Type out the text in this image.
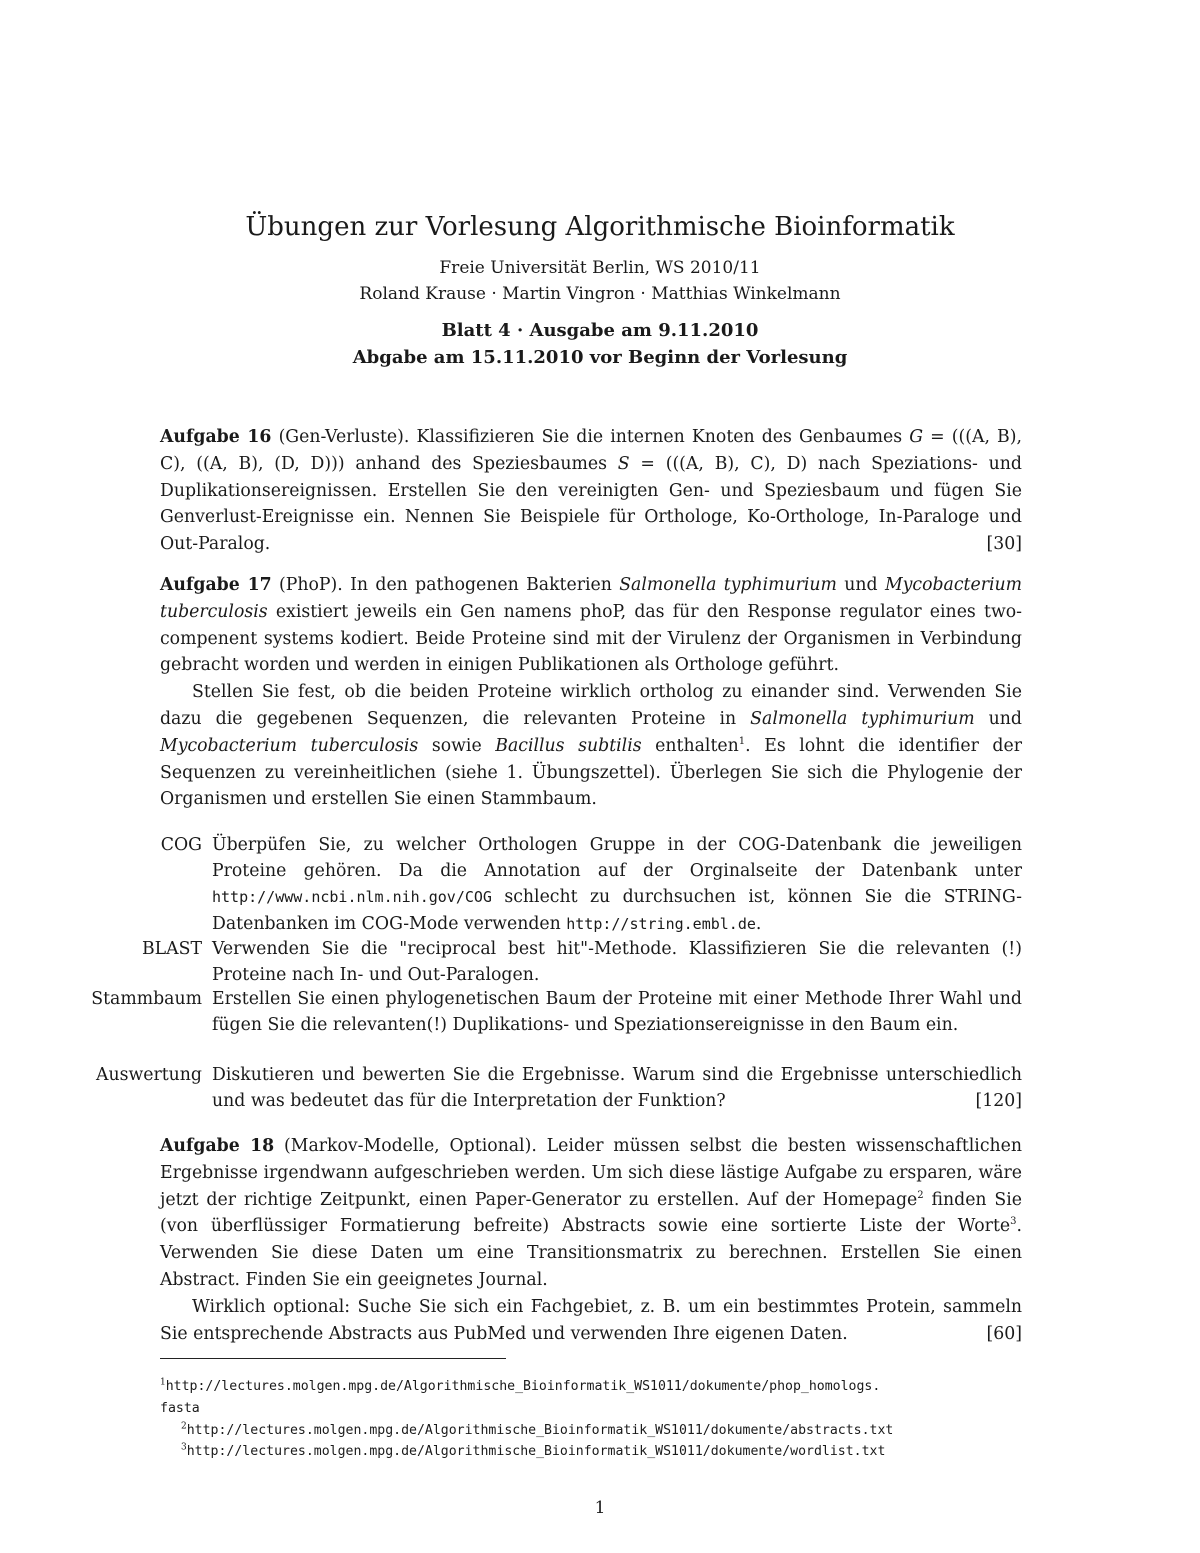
Übungen zur Vorlesung Algorithmische Bioinformatik
Freie Universität Berlin, WS 2010/11
Roland Krause · Martin Vingron · Matthias Winkelmann
Blatt 4 · Ausgabe am 9.11.2010
Abgabe am 15.11.2010 vor Beginn der Vorlesung

Aufgabe 16 (Gen-Verluste). Klassifizieren Sie die internen Knoten des Genbaumes G = (((A, B), C), ((A, B), (D, D))) anhand des Speziesbaumes S = (((A, B), C), D) nach Speziations- und Duplikationsereignissen. Erstellen Sie den vereinigten Gen- und Speziesbaum und fügen Sie Genverlust-Ereignisse ein. Nennen Sie Beispiele für Orthologe, Ko-Orthologe, In-Paraloge und Out-Paralog.	[30]

Aufgabe 17 (PhoP). In den pathogenen Bakterien Salmonella typhimurium und Mycobacterium tuberculosis existiert jeweils ein Gen namens phoP, das für den Response regulator eines two-compenent systems kodiert. Beide Proteine sind mit der Virulenz der Organismen in Verbindung gebracht worden und werden in einigen Publikationen als Orthologe geführt.

Stellen Sie fest, ob die beiden Proteine wirklich ortholog zu einander sind. Verwenden Sie dazu die gegebenen Sequenzen, die relevanten Proteine in Salmonella typhimurium und Mycobacterium tuberculosis sowie Bacillus subtilis enthalten$^1$. Es lohnt die identifier der Sequenzen zu vereinheitlichen (siehe 1. Übungszettel). Überlegen Sie sich die Phylogenie der Organismen und erstellen Sie einen Stammbaum.

COG Überpüfen Sie, zu welcher Orthologen Gruppe in der COG-Datenbank die jeweiligen Proteine gehören. Da die Annotation auf der Orginalseite der Datenbank unter http://www.ncbi.nlm.nih.gov/COG schlecht zu durchsuchen ist, können Sie die STRING-Datenbanken im COG-Mode verwenden http://string.embl.de.
BLAST Verwenden Sie die "reciprocal best hit"-Methode. Klassifizieren Sie die relevanten (!) Proteine nach In- und Out-Paralogen.
Stammbaum Erstellen Sie einen phylogenetischen Baum der Proteine mit einer Methode Ihrer Wahl und fügen Sie die relevanten(!) Duplikations- und Speziationsereignisse in den Baum ein.
Auswertung Diskutieren und bewerten Sie die Ergebnisse. Warum sind die Ergebnisse unterschiedlich und was bedeutet das für die Interpretation der Funktion?	[120]

Aufgabe 18 (Markov-Modelle, Optional). Leider müssen selbst die besten wissenschaftlichen Ergebnisse irgendwann aufgeschrieben werden. Um sich diese lästige Aufgabe zu ersparen, wäre jetzt der richtige Zeitpunkt, einen Paper-Generator zu erstellen. Auf der Homepage$^2$ finden Sie (von überflüssiger Formatierung befreite) Abstracts sowie eine sortierte Liste der Worte$^3$. Verwenden Sie diese Daten um eine Transitionsmatrix zu berechnen. Erstellen Sie einen Abstract. Finden Sie ein geeignetes Journal.

Wirklich optional: Suche Sie sich ein Fachgebiet, z. B. um ein bestimmtes Protein, sammeln Sie entsprechende Abstracts aus PubMed und verwenden Ihre eigenen Daten.	[60]

$^1$http://lectures.molgen.mpg.de/Algorithmische_Bioinformatik_WS1011/dokumente/phop_homologs.
fasta
$^2$http://lectures.molgen.mpg.de/Algorithmische_Bioinformatik_WS1011/dokumente/abstracts.txt
$^3$http://lectures.molgen.mpg.de/Algorithmische_Bioinformatik_WS1011/dokumente/wordlist.txt
1
